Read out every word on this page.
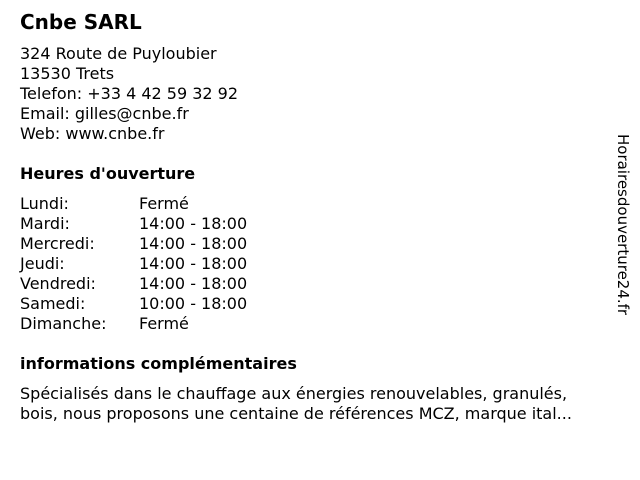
Cnbe SARL
324 Route de Puyloubier
13530 Trets
Telefon: +33 4 42 59 32 92
Email: gilles@cnbe.fr
Web: www.cnbe.fr
Heures d'ouverture
Lundi:	Fermé
Mardi:	14:00 - 18:00
Mercredi:	14:00 - 18:00
Jeudi:	14:00 - 18:00
Vendredi:	14:00 - 18:00
Samedi:	10:00 - 18:00
Dimanche: Fermé
informations complémentaires
Spécialisés dans le chauffage aux énergies renouvelables, granulés,
bois, nous proposons une centaine de références MCZ, marque ital...
Horairesdouverture24.fr
